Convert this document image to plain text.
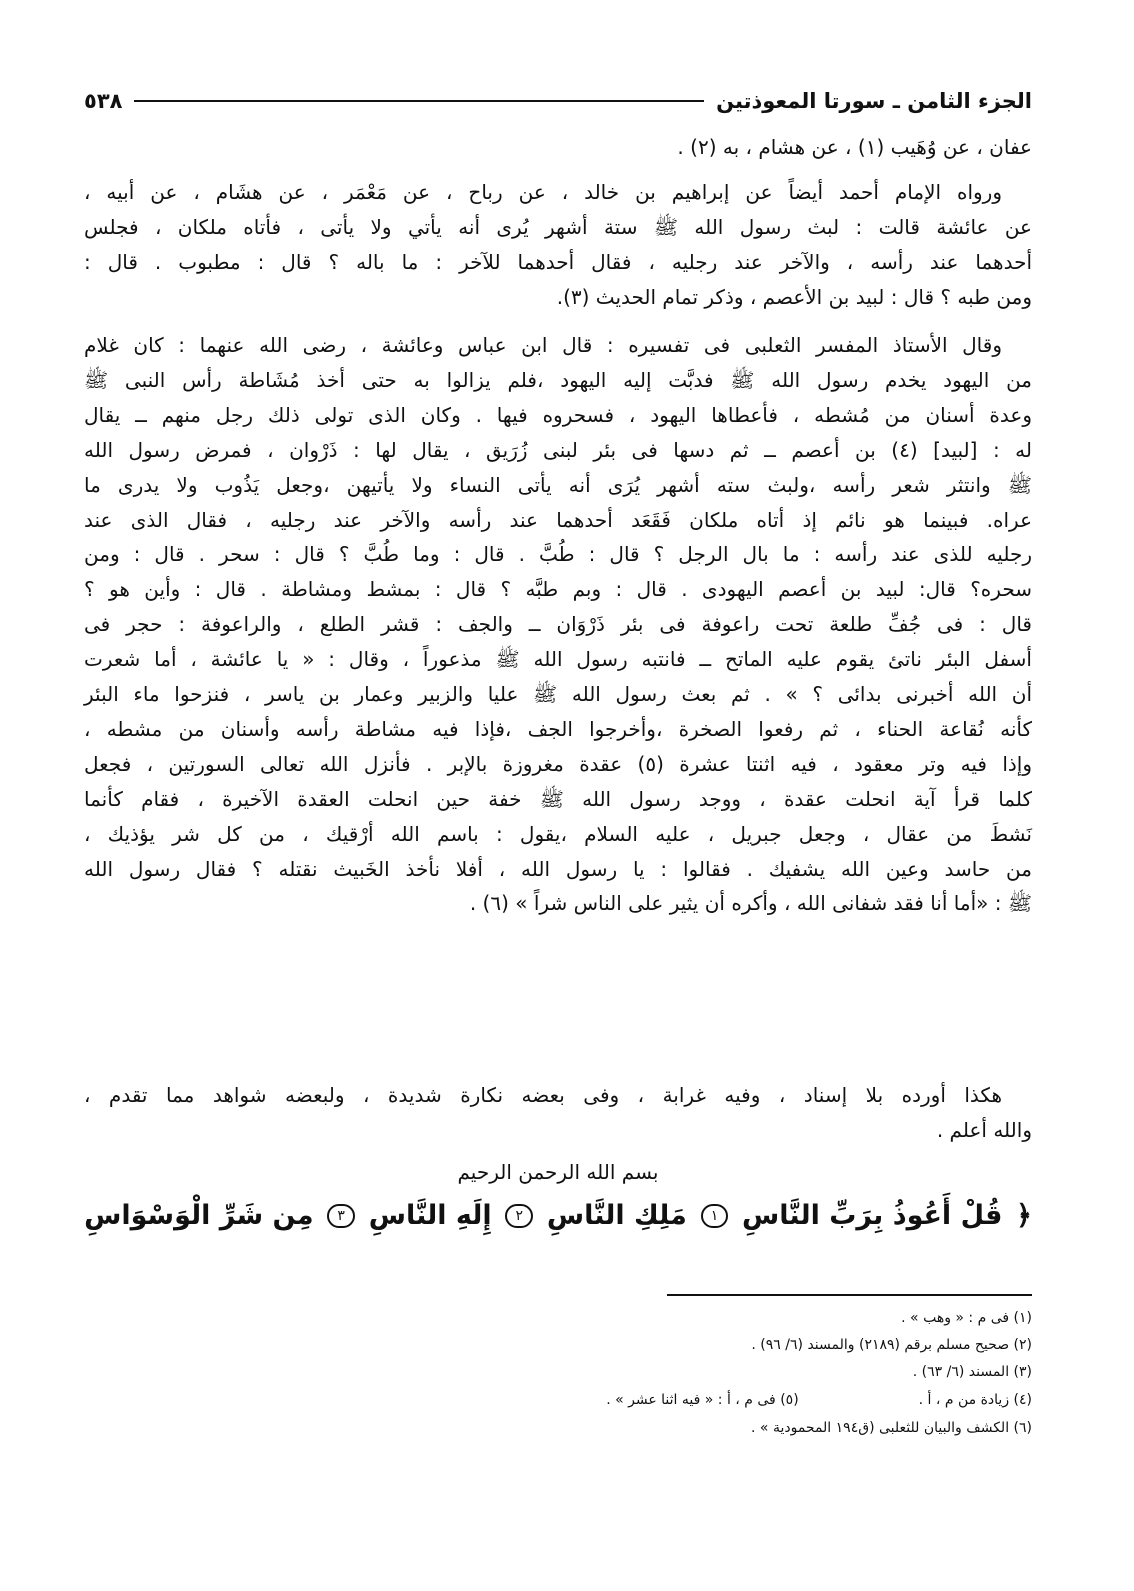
الجزء الثامن ـ سورتا المعوذتين
٥٣٨
عفان ، عن وُهَيب (١) ، عن هشام ، به (٢) .
ورواه الإمام أحمد أيضاً عن إبراهيم بن خالد ، عن رباح ، عن مَعْمَر ، عن هشَام ، عن أبيه ،
عن عائشة قالت : لبث رسول الله ﷺ ستة أشهر يُرى أنه يأتي ولا يأتى ، فأتاه ملكان ، فجلس
أحدهما عند رأسه ، والآخر عند رجليه ، فقال أحدهما للآخر : ما باله ؟ قال : مطبوب . قال :
ومن طبه ؟ قال : لبيد بن الأعصم ، وذكر تمام الحديث (٣).
وقال الأستاذ المفسر الثعلبى فى تفسيره : قال ابن عباس وعائشة ، رضى الله عنهما : كان غلام
من اليهود يخدم رسول الله ﷺ فدبَّت إليه اليهود ،فلم يزالوا به حتى أخذ مُشَاطة رأس النبى ﷺ
وعدة أسنان من مُشطه ، فأعطاها اليهود ، فسحروه فيها . وكان الذى تولى ذلك رجل منهم ــ يقال
له : [لبيد] (٤) بن أعصم ــ ثم دسها فى بئر لبنى زُرَيق ، يقال لها : ذَرْوان ، فمرض رسول الله
ﷺ وانتثر شعر رأسه ،ولبث سته أشهر يُرَى أنه يأتى النساء ولا يأتيهن ،وجعل يَذُوب ولا يدرى ما
عراه. فبينما هو نائم إذ أتاه ملكان فَقَعَد أحدهما عند رأسه والآخر عند رجليه ، فقال الذى عند
رجليه للذى عند رأسه : ما بال الرجل ؟ قال : طُبَّ . قال : وما طُبَّ ؟ قال : سحر . قال : ومن
سحره؟ قال: لبيد بن أعصم اليهودى . قال : وبم طبَّه ؟ قال : بمشط ومشاطة . قال : وأين هو ؟
قال : فى جُفِّ طلعة تحت راعوفة فى بئر ذَرْوَان ــ والجف : قشر الطلع ، والراعوفة : حجر فى
أسفل البئر ناتئ يقوم عليه الماتح ــ فانتبه رسول الله ﷺ مذعوراً ، وقال : « يا عائشة ، أما شعرت
أن الله أخبرنى بدائى ؟ » . ثم بعث رسول الله ﷺ عليا والزبير وعمار بن ياسر ، فنزحوا ماء البئر
كأنه نُقاعة الحناء ، ثم رفعوا الصخرة ،وأخرجوا الجف ،فإذا فيه مشاطة رأسه وأسنان من مشطه ،
وإذا فيه وتر معقود ، فيه اثنتا عشرة (٥) عقدة مغروزة بالإبر . فأنزل الله تعالى السورتين ، فجعل
كلما قرأ آية انحلت عقدة ، ووجد رسول الله ﷺ خفة حين انحلت العقدة الآخيرة ، فقام كأنما
نَشطَ من عقال ، وجعل جبريل ، عليه السلام ،يقول : باسم الله أرْقيك ، من كل شر يؤذيك ،
من حاسد وعين الله يشفيك . فقالوا : يا رسول الله ، أفلا نأخذ الخَبيث نقتله ؟ فقال رسول الله
ﷺ : «أما أنا فقد شفانى الله ، وأكره أن يثير على الناس شراً » (٦) .
هكذا أورده بلا إسناد ، وفيه غرابة ، وفى بعضه نكارة شديدة ، ولبعضه شواهد مما تقدم ،
والله أعلم .
بسم الله الرحمن الرحيم
﴿
قُلْ أَعُوذُ بِرَبِّ النَّاسِ
١
مَلِكِ النَّاسِ
٢
إِلَهِ النَّاسِ
٣
مِن شَرِّ الْوَسْوَاسِ
(١) فى م : « وهب » .
(٢) صحيح مسلم برقم (٢١٨٩) والمسند (٦/ ٩٦) .
(٣) المسند (٦/ ٦٣) .
(٤) زيادة من م ، أ .(٥) فى م ، أ : « فيه اثنا عشر » .
(٦) الكشف والبيان للثعلبى (ق١٩٤ المحمودية » .
